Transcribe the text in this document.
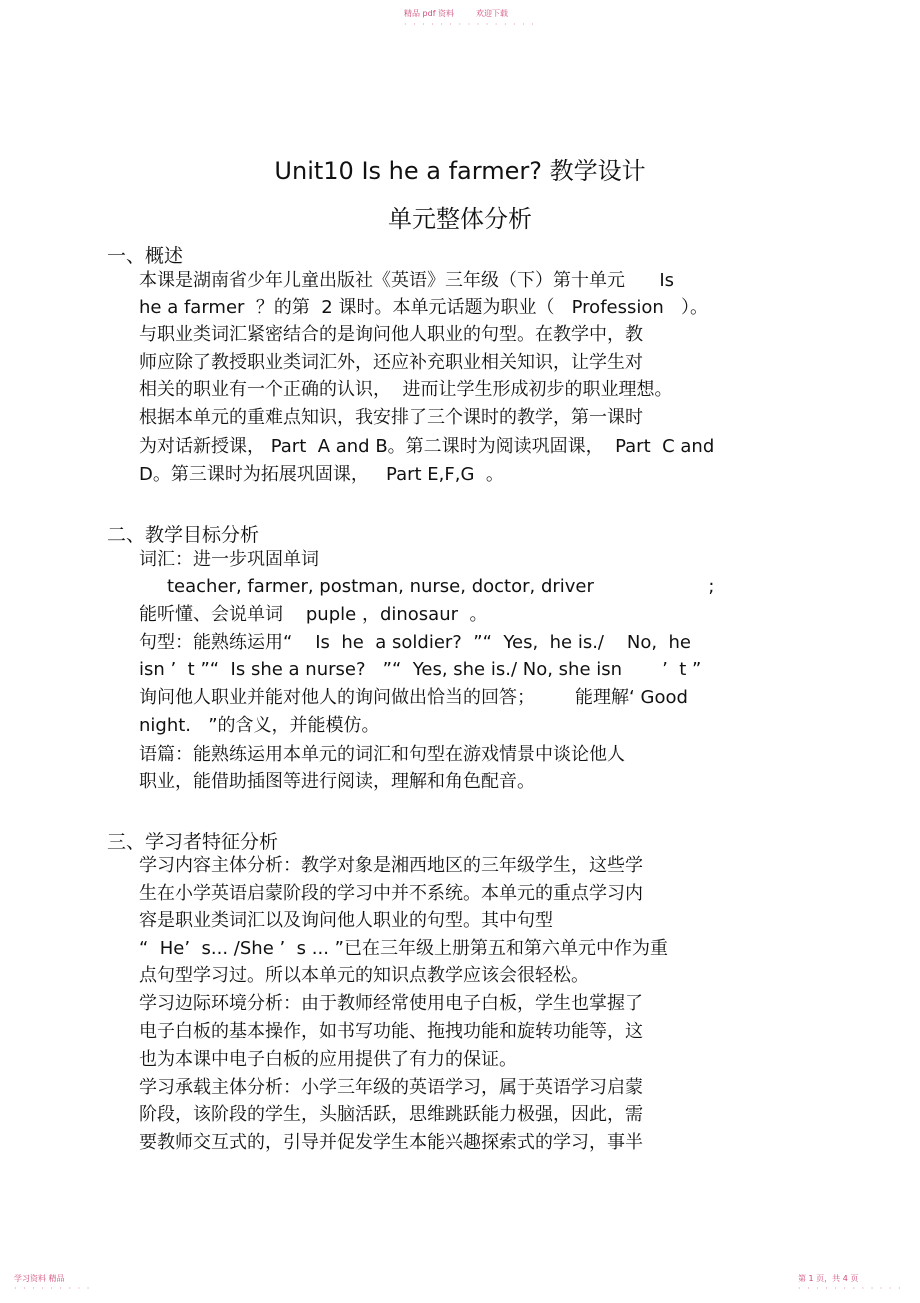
精品 pdf 资料	欢迎下载
· · · · · · · · · · · · · · ·
Unit10 Is he a farmer? 教学设计
单元整体分析
一、概述
本课是湖南省少年儿童出版社《英语》三年级（下）第十单元      Is
he a farmer  ？的第  2 课时。本单元话题为职业（   Profession   ）。
与职业类词汇紧密结合的是询问他人职业的句型。在教学中，教
师应除了教授职业类词汇外，还应补充职业相关知识，让学生对
相关的职业有一个正确的认识，  进而让学生形成初步的职业理想。
根据本单元的重难点知识，我安排了三个课时的教学，第一课时
为对话新授课， Part  A and B。第二课时为阅读巩固课，  Part  C and
D。第三课时为拓展巩固课，   Part E,F,G  。
二、教学目标分析
词汇：进一步巩固单词
teacher, farmer, postman, nurse, doctor, driver                    ;
能听懂、会说单词    puple ，dinosaur  。
句型：能熟练运用“    Is  he  a soldier?  ”“  Yes,  he is./    No,  he
isn ’  t ”“  Is she a nurse?   ”“  Yes, she is./ No, she isn       ’  t ”
询问他人职业并能对他人的询问做出恰当的回答；       能理解‘ Good
night.   ”的含义，并能模仿。
语篇：能熟练运用本单元的词汇和句型在游戏情景中谈论他人
职业，能借助插图等进行阅读，理解和角色配音。
三、学习者特征分析
学习内容主体分析：教学对象是湘西地区的三年级学生，这些学
生在小学英语启蒙阶段的学习中并不系统。本单元的重点学习内
容是职业类词汇以及询问他人职业的句型。其中句型
“  He’  s... /She ’  s ... ”已在三年级上册第五和第六单元中作为重
点句型学习过。所以本单元的知识点教学应该会很轻松。
学习边际环境分析：由于教师经常使用电子白板，学生也掌握了
电子白板的基本操作，如书写功能、拖拽功能和旋转功能等，这
也为本课中电子白板的应用提供了有力的保证。
学习承载主体分析：小学三年级的英语学习，属于英语学习启蒙
阶段，该阶段的学生，头脑活跃，思维跳跃能力极强，因此，需
要教师交互式的，引导并促发学生本能兴趣探索式的学习，事半
学习资料 精品	第 1 页，共 4 页
· · · · · · · · ·	· · · · · · · · · · · ·
